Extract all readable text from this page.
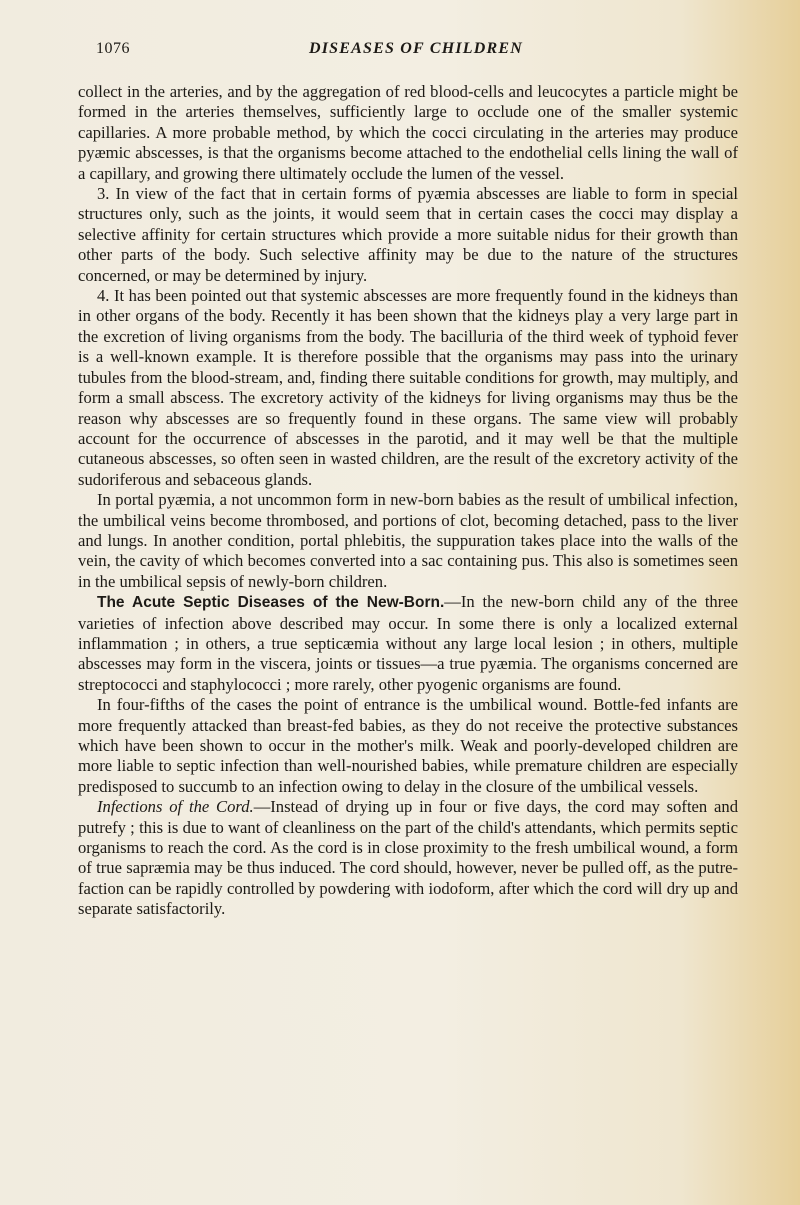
1076	DISEASES OF CHILDREN

collect in the arteries, and by the aggregation of red blood-cells and leucocytes a particle might be formed in the arteries themselves, sufficiently large to occlude one of the smaller systemic capillaries. A more probable method, by which the cocci circulating in the arteries may produce pyæmic abscesses, is that the organisms become attached to the endothelial cells lining the wall of a capillary, and growing there ultimately occlude the lumen of the vessel.

3. In view of the fact that in certain forms of pyæmia abscesses are liable to form in special structures only, such as the joints, it would seem that in certain cases the cocci may display a selective affinity for certain structures which provide a more suitable nidus for their growth than other parts of the body. Such selective affinity may be due to the nature of the structures concerned, or may be determined by injury.

4. It has been pointed out that systemic abscesses are more frequently found in the kidneys than in other organs of the body. Recently it has been shown that the kidneys play a very large part in the excretion of living organisms from the body. The bacilluria of the third week of typhoid fever is a well-known example. It is therefore possible that the organisms may pass into the urinary tubules from the blood-stream, and, finding there suitable conditions for growth, may multiply, and form a small abscess. The excretory activity of the kidneys for living organisms may thus be the reason why abscesses are so frequently found in these organs. The same view will probably account for the occurrence of abscesses in the parotid, and it may well be that the multiple cutaneous abscesses, so often seen in wasted children, are the result of the excretory activity of the sudoriferous and sebaceous glands.

In portal pyæmia, a not uncommon form in new-born babies as the result of umbilical infection, the umbilical veins become thrombosed, and portions of clot, becoming detached, pass to the liver and lungs. In another condition, portal phlebitis, the suppuration takes place into the walls of the vein, the cavity of which becomes converted into a sac containing pus. This also is sometimes seen in the umbilical sepsis of newly-born children.

The Acute Septic Diseases of the New-Born.—In the new-born child any of the three varieties of infection above described may occur. In some there is only a localized external inflammation ; in others, a true septicæmia without any large local lesion ; in others, multiple abscesses may form in the viscera, joints or tissues—a true pyæmia. The organisms concerned are streptococci and staphylococci ; more rarely, other pyogenic organisms are found.

In four-fifths of the cases the point of entrance is the umbilical wound. Bottle-fed infants are more frequently attacked than breast-fed babies, as they do not receive the protective substances which have been shown to occur in the mother's milk. Weak and poorly-developed children are more liable to septic infection than well-nourished babies, while premature children are especially predisposed to succumb to an infection owing to delay in the closure of the umbilical vessels.

Infections of the Cord.—Instead of drying up in four or five days, the cord may soften and putrefy ; this is due to want of cleanliness on the part of the child's attendants, which permits septic organisms to reach the cord. As the cord is in close proximity to the fresh umbilical wound, a form of true sapræmia may be thus induced. The cord should, however, never be pulled off, as the putre-faction can be rapidly controlled by powdering with iodoform, after which the cord will dry up and separate satisfactorily.
